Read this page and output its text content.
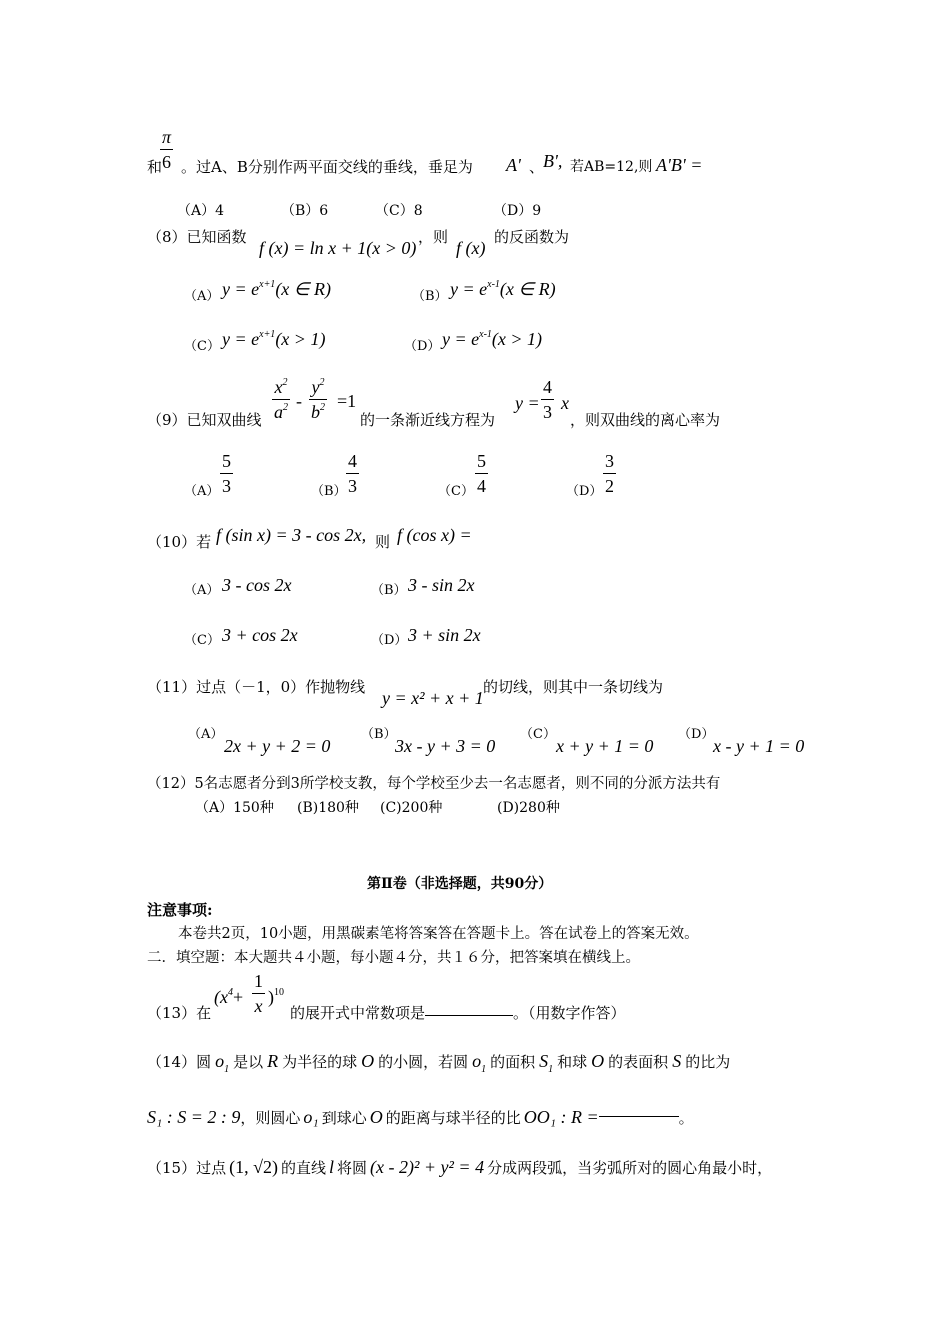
π
6
和 。过A、B分别作两平面交线的垂线，垂足为 A' 、
B', 若AB=12,则 A'B' =
（A）4	（B）6	（C）8	（D）9
（8）已知函数
f (x) = ln x + 1(x > 0)
，则
f (x)
的反函数为
（A） $y = e^{x+1}(x$ ∈ R)	（B） $y = e^{x-1}(x$ ∈ R)
（C） $y = e^{x+1}(x > 1)$	（D） $y = e^{x-1}(x > 1)$
（9）已知双曲线
$x^2$
$a^2$ -
$y^2$
$b^2 =1$
的一条渐近线方程为
y =
4
3 x
，则双曲线的离心率为
（A）
5
3	（B）
4
3	（C）
5
4	（D）
3
2
（10）若 f (sin x) = 3 - cos 2x, 则 f (cos x) =
（A） 3 - cos 2x	（B） 3 - sin 2x
（C） 3 + cos 2x	（D） 3 + sin 2x
（11）过点（－1，0）作抛物线
y = x² + x + 1
的切线，则其中一条切线为
（A）
2x + y + 2 = 0
（B）
3x - y + 3 = 0
（C）
x + y + 1 = 0
（D）
x - y + 1 = 0
（12）5名志愿者分到3所学校支教，每个学校至少去一名志愿者，则不同的分派方法共有
（A）150种 (B)180种 (C)200种	(D)280种
第Ⅱ卷（非选择题，共90分）
注意事项:
本卷共2页，10小题，用黑碳素笔将答案答在答题卡上。答在试卷上的答案无效。
二．填空题：本大题共４小题，每小题４分，共１６分，把答案填在横线上。
（13）在
($x^4+$
1
x )$^{10}$
的展开式中常数项是	。（用数字作答）
（14）圆 $o_1$ 是以 R 为半径的球 O 的小圆，若圆 $o_1$ 的面积 $S_1$ 和球 O 的表面积 S 的比为
S₁ : S = 2 : 9，则圆心 o₁ 到球心 O 的距离与球半径的比 OO₁ : R =	。
（15）过点 (1, √2) 的直线 l 将圆 (x - 2)² + y² = 4 分成两段弧，当劣弧所对的圆心角最小时，
